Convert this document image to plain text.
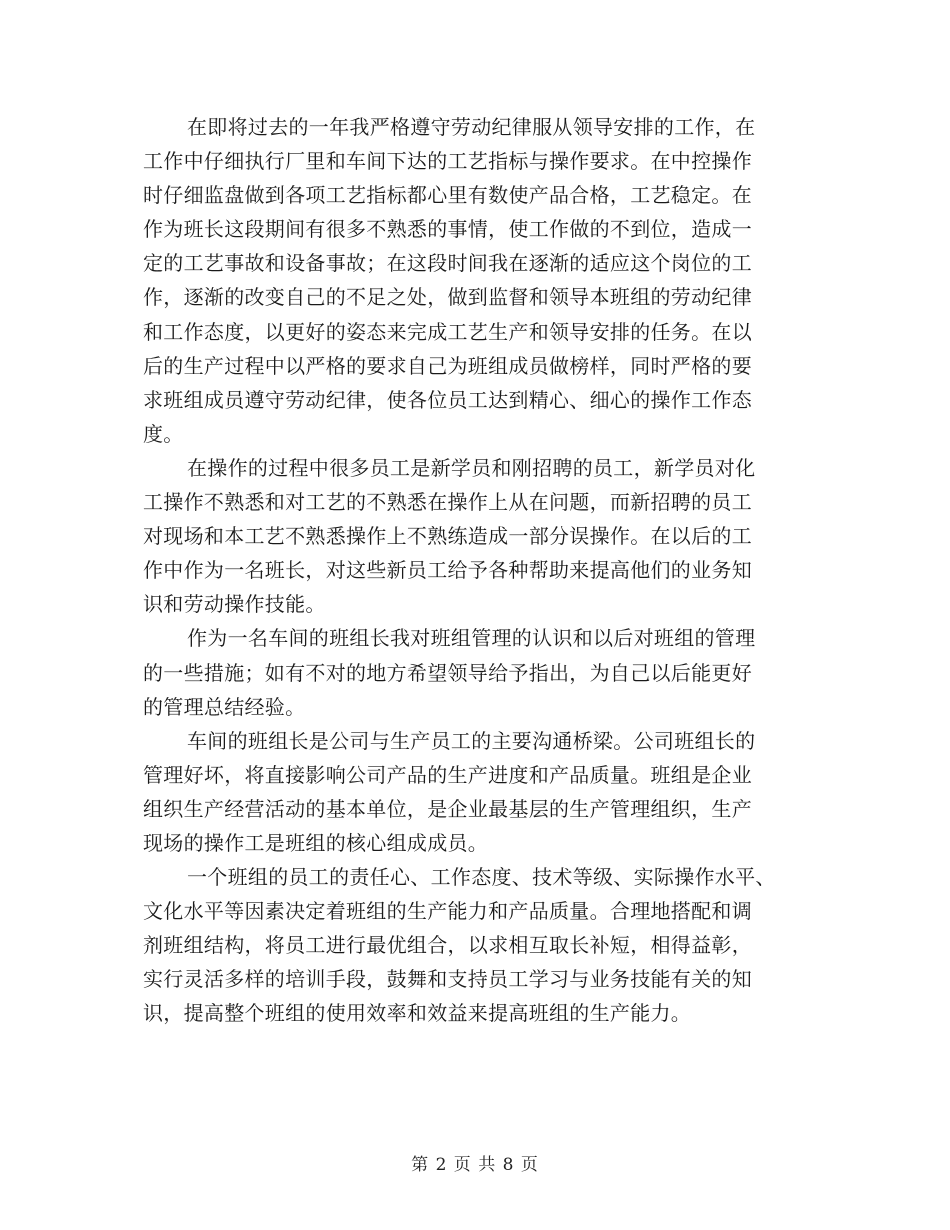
在即将过去的一年我严格遵守劳动纪律服从领导安排的工作，在
工作中仔细执行厂里和车间下达的工艺指标与操作要求。在中控操作
时仔细监盘做到各项工艺指标都心里有数使产品合格，工艺稳定。在
作为班长这段期间有很多不熟悉的事情，使工作做的不到位，造成一
定的工艺事故和设备事故；在这段时间我在逐渐的适应这个岗位的工
作，逐渐的改变自己的不足之处，做到监督和领导本班组的劳动纪律
和工作态度，以更好的姿态来完成工艺生产和领导安排的任务。在以
后的生产过程中以严格的要求自己为班组成员做榜样，同时严格的要
求班组成员遵守劳动纪律，使各位员工达到精心、细心的操作工作态
度。
在操作的过程中很多员工是新学员和刚招聘的员工，新学员对化
工操作不熟悉和对工艺的不熟悉在操作上从在问题，而新招聘的员工
对现场和本工艺不熟悉操作上不熟练造成一部分误操作。在以后的工
作中作为一名班长，对这些新员工给予各种帮助来提高他们的业务知
识和劳动操作技能。
作为一名车间的班组长我对班组管理的认识和以后对班组的管理
的一些措施；如有不对的地方希望领导给予指出，为自己以后能更好
的管理总结经验。
车间的班组长是公司与生产员工的主要沟通桥梁。公司班组长的
管理好坏，将直接影响公司产品的生产进度和产品质量。班组是企业
组织生产经营活动的基本单位，是企业最基层的生产管理组织，生产
现场的操作工是班组的核心组成成员。
一个班组的员工的责任心、工作态度、技术等级、实际操作水平、
文化水平等因素决定着班组的生产能力和产品质量。合理地搭配和调
剂班组结构，将员工进行最优组合，以求相互取长补短，相得益彰，
实行灵活多样的培训手段，鼓舞和支持员工学习与业务技能有关的知
识，提高整个班组的使用效率和效益来提高班组的生产能力。
第 2 页 共 8 页
